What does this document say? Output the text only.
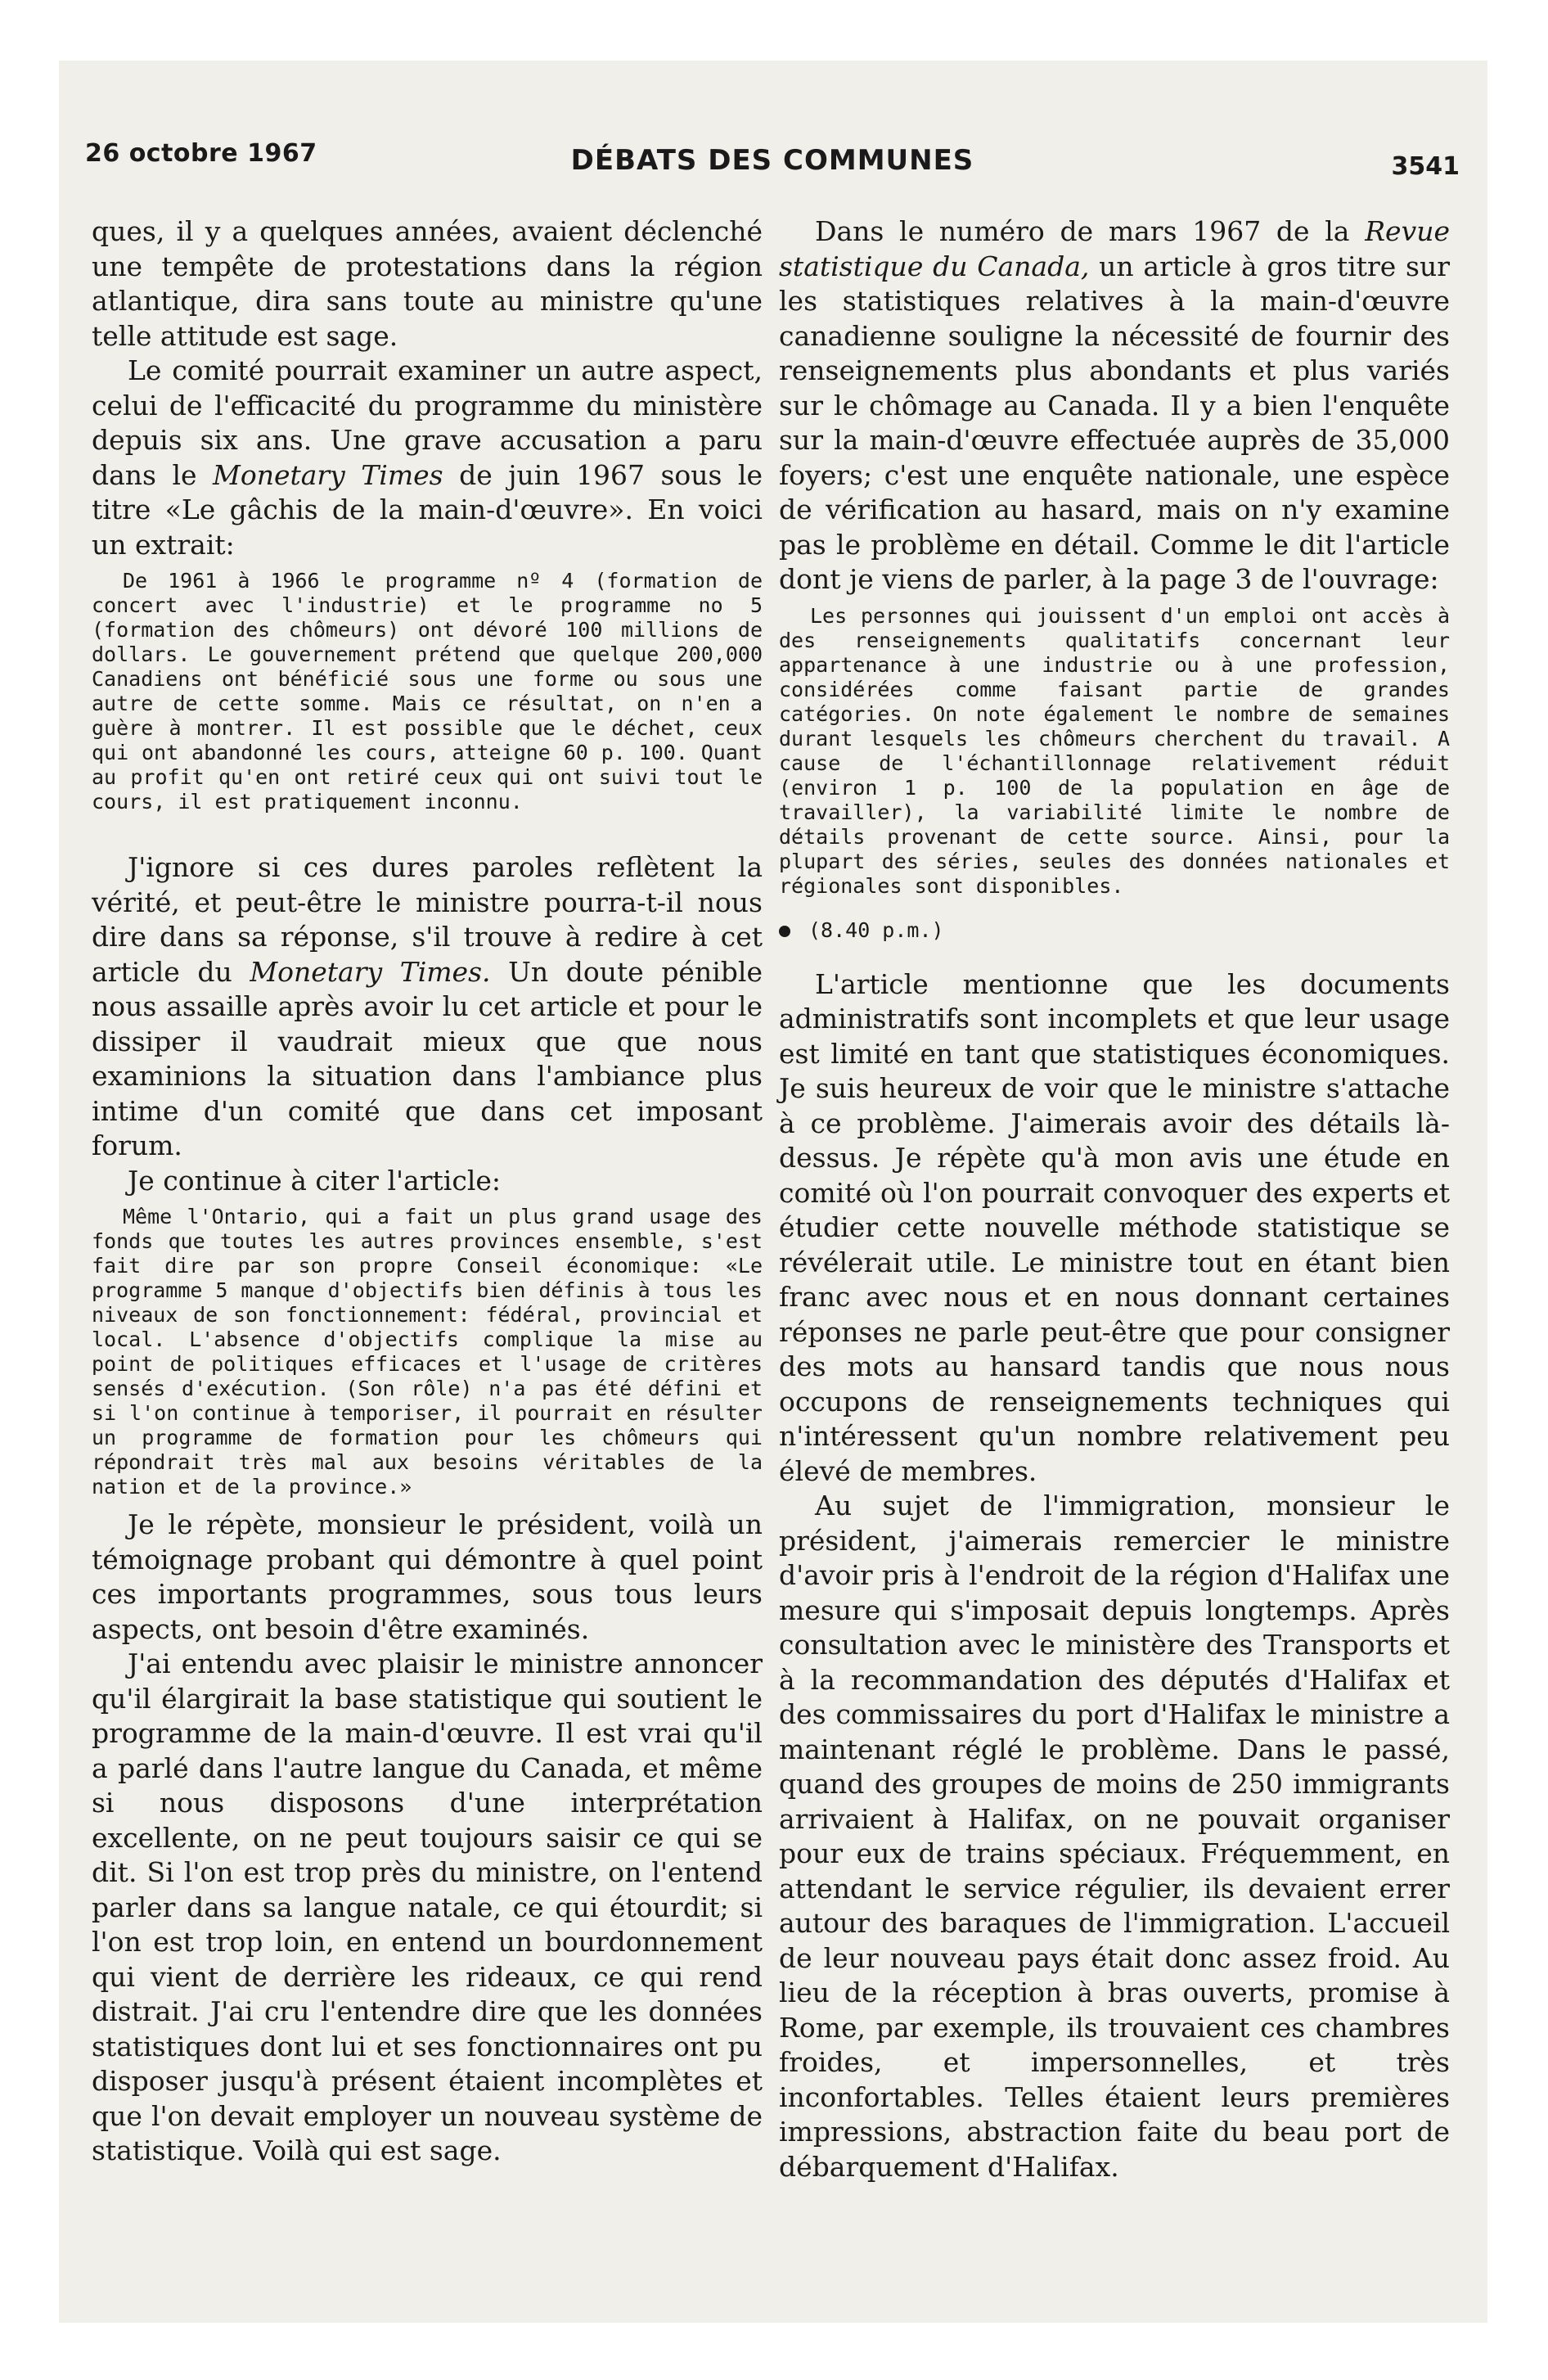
26 octobre 1967	DÉBATS DES COMMUNES	3541

ques, il y a quelques années, avaient déclenché une tempête de protestations dans la région atlantique, dira sans toute au ministre qu'une telle attitude est sage.

Le comité pourrait examiner un autre aspect, celui de l'efficacité du programme du ministère depuis six ans. Une grave accusation a paru dans le Monetary Times de juin 1967 sous le titre «Le gâchis de la main-d'œuvre». En voici un extrait:

De 1961 à 1966 le programme nº 4 (formation de concert avec l'industrie) et le programme no 5 (formation des chômeurs) ont dévoré 100 millions de dollars. Le gouvernement prétend que quelque 200,000 Canadiens ont bénéficié sous une forme ou sous une autre de cette somme. Mais ce résultat, on n'en a guère à montrer. Il est possible que le déchet, ceux qui ont abandonné les cours, atteigne 60 p. 100. Quant au profit qu'en ont retiré ceux qui ont suivi tout le cours, il est pratiquement inconnu.

J'ignore si ces dures paroles reflètent la vérité, et peut-être le ministre pourra-t-il nous dire dans sa réponse, s'il trouve à redire à cet article du Monetary Times. Un doute pénible nous assaille après avoir lu cet article et pour le dissiper il vaudrait mieux que que nous examinions la situation dans l'ambiance plus intime d'un comité que dans cet imposant forum.

Je continue à citer l'article:

Même l'Ontario, qui a fait un plus grand usage des fonds que toutes les autres provinces ensemble, s'est fait dire par son propre Conseil économique: «Le programme 5 manque d'objectifs bien définis à tous les niveaux de son fonctionnement: fédéral, provincial et local. L'absence d'objectifs complique la mise au point de politiques efficaces et l'usage de critères sensés d'exécution. (Son rôle) n'a pas été défini et si l'on continue à temporiser, il pourrait en résulter un programme de formation pour les chômeurs qui répondrait très mal aux besoins véritables de la nation et de la province.»

Je le répète, monsieur le président, voilà un témoignage probant qui démontre à quel point ces importants programmes, sous tous leurs aspects, ont besoin d'être examinés.

J'ai entendu avec plaisir le ministre annoncer qu'il élargirait la base statistique qui soutient le programme de la main-d'œuvre. Il est vrai qu'il a parlé dans l'autre langue du Canada, et même si nous disposons d'une interprétation excellente, on ne peut toujours saisir ce qui se dit. Si l'on est trop près du ministre, on l'entend parler dans sa langue natale, ce qui étourdit; si l'on est trop loin, en entend un bourdonnement qui vient de derrière les rideaux, ce qui rend distrait. J'ai cru l'entendre dire que les données statistiques dont lui et ses fonctionnaires ont pu disposer jusqu'à présent étaient incomplètes et que l'on devait employer un nouveau système de statistique. Voilà qui est sage.

Dans le numéro de mars 1967 de la Revue statistique du Canada, un article à gros titre sur les statistiques relatives à la main-d'œuvre canadienne souligne la nécessité de fournir des renseignements plus abondants et plus variés sur le chômage au Canada. Il y a bien l'enquête sur la main-d'œuvre effectuée auprès de 35,000 foyers; c'est une enquête nationale, une espèce de vérification au hasard, mais on n'y examine pas le problème en détail. Comme le dit l'article dont je viens de parler, à la page 3 de l'ouvrage:

Les personnes qui jouissent d'un emploi ont accès à des renseignements qualitatifs concernant leur appartenance à une industrie ou à une profession, considérées comme faisant partie de grandes catégories. On note également le nombre de semaines durant lesquels les chômeurs cherchent du travail. A cause de l'échantillonnage relativement réduit (environ 1 p. 100 de la population en âge de travailler), la variabilité limite le nombre de détails provenant de cette source. Ainsi, pour la plupart des séries, seules des données nationales et régionales sont disponibles.

(8.40 p.m.)

L'article mentionne que les documents administratifs sont incomplets et que leur usage est limité en tant que statistiques économiques. Je suis heureux de voir que le ministre s'attache à ce problème. J'aimerais avoir des détails là-dessus. Je répète qu'à mon avis une étude en comité où l'on pourrait convoquer des experts et étudier cette nouvelle méthode statistique se révélerait utile. Le ministre tout en étant bien franc avec nous et en nous donnant certaines réponses ne parle peut-être que pour consigner des mots au hansard tandis que nous nous occupons de renseignements techniques qui n'intéressent qu'un nombre relativement peu élevé de membres.

Au sujet de l'immigration, monsieur le président, j'aimerais remercier le ministre d'avoir pris à l'endroit de la région d'Halifax une mesure qui s'imposait depuis longtemps. Après consultation avec le ministère des Transports et à la recommandation des députés d'Halifax et des commissaires du port d'Halifax le ministre a maintenant réglé le problème. Dans le passé, quand des groupes de moins de 250 immigrants arrivaient à Halifax, on ne pouvait organiser pour eux de trains spéciaux. Fréquemment, en attendant le service régulier, ils devaient errer autour des baraques de l'immigration. L'accueil de leur nouveau pays était donc assez froid. Au lieu de la réception à bras ouverts, promise à Rome, par exemple, ils trouvaient ces chambres froides, et impersonnelles, et très inconfortables. Telles étaient leurs premières impressions, abstraction faite du beau port de débarquement d'Halifax.
